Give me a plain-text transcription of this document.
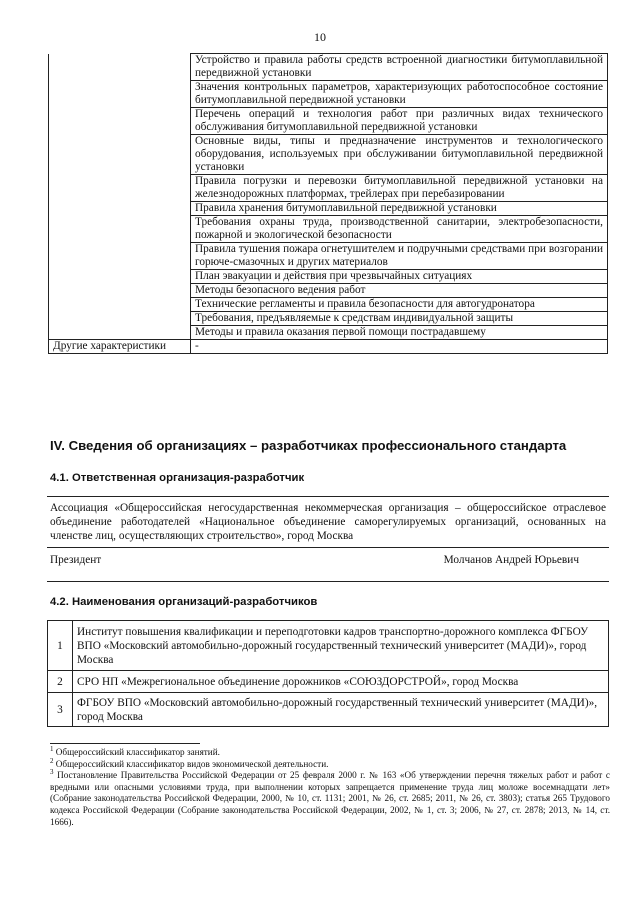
10
	Устройство и правила работы средств встроенной диагностики битумоплавильной передвижной установки
	Значения контрольных параметров, характеризующих работоспособное состояние битумоплавильной передвижной установки
	Перечень операций и технология работ при различных видах технического обслуживания битумоплавильной передвижной установки
	Основные виды, типы и предназначение инструментов и технологического оборудования, используемых при обслуживании битумоплавильной передвижной установки
	Правила погрузки и перевозки битумоплавильной передвижной установки на железнодорожных платформах, трейлерах при перебазировании
	Правила хранения битумоплавильной передвижной установки
	Требования охраны труда, производственной санитарии, электробезопасности, пожарной и экологической безопасности
	Правила тушения пожара огнетушителем и подручными средствами при возгорании горюче-смазочных и других материалов
	План эвакуации и действия при чрезвычайных ситуациях
	Методы безопасного ведения работ
	Технические регламенты и правила безопасности для автогудронатора
	Требования, предъявляемые к средствам индивидуальной защиты
	Методы и правила оказания первой помощи пострадавшему
Другие характеристики	-
IV. Сведения об организациях – разработчиках профессионального стандарта
4.1. Ответственная организация-разработчик
Ассоциация «Общероссийская негосударственная некоммерческая организация – общероссийское отраслевое объединение работодателей «Национальное объединение саморегулируемых организаций, основанных на членстве лиц, осуществляющих строительство», город Москва
Президент	Молчанов Андрей Юрьевич
4.2. Наименования организаций-разработчиков
1	Институт повышения квалификации и переподготовки кадров транспортно-дорожного комплекса ФГБОУ ВПО «Московский автомобильно-дорожный государственный технический университет (МАДИ)», город Москва
2	СРО НП «Межрегиональное объединение дорожников «СОЮЗДОРСТРОЙ», город Москва
3	ФГБОУ ВПО «Московский автомобильно-дорожный государственный технический университет (МАДИ)», город Москва
$^1$ Общероссийский классификатор занятий.
$^2$ Общероссийский классификатор видов экономической деятельности.
$^3$ Постановление Правительства Российской Федерации от 25 февраля 2000 г. № 163 «Об утверждении перечня тяжелых работ и работ с вредными или опасными условиями труда, при выполнении которых запрещается применение труда лиц моложе восемнадцати лет» (Собрание законодательства Российской Федерации, 2000, № 10, ст. 1131; 2001, № 26, ст. 2685; 2011, № 26, ст. 3803); статья 265 Трудового кодекса Российской Федерации (Собрание законодательства Российской Федерации, 2002, № 1, ст. 3; 2006, № 27, ст. 2878; 2013, № 14, ст. 1666).
